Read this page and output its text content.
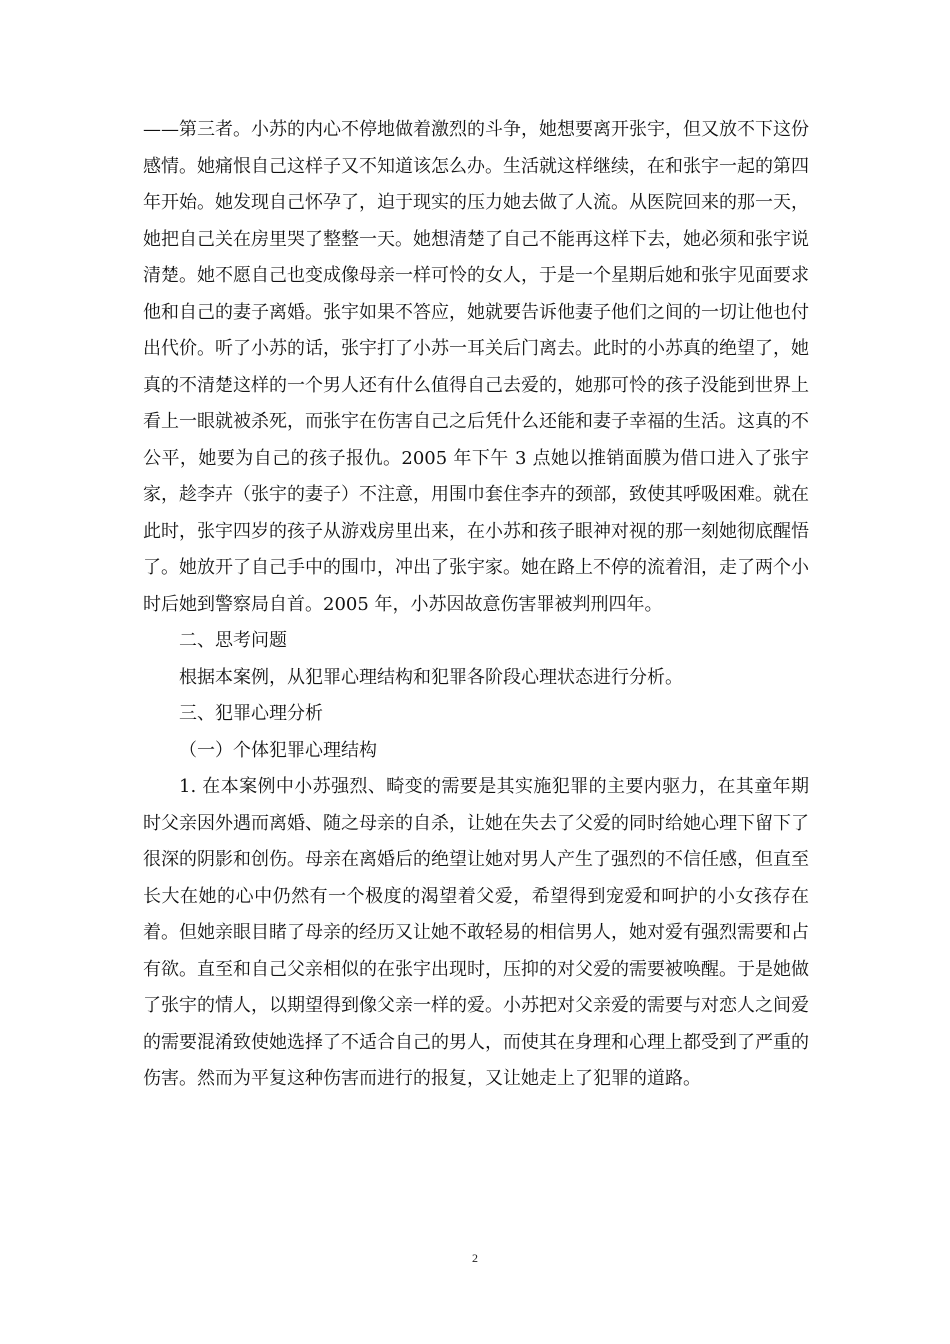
——第三者。小苏的内心不停地做着激烈的斗争，她想要离开张宇，但又放不下这份感情。她痛恨自己这样子又不知道该怎么办。生活就这样继续，在和张宇一起的第四年开始。她发现自己怀孕了，迫于现实的压力她去做了人流。从医院回来的那一天，她把自己关在房里哭了整整一天。她想清楚了自己不能再这样下去，她必须和张宇说清楚。她不愿自己也变成像母亲一样可怜的女人，于是一个星期后她和张宇见面要求他和自己的妻子离婚。张宇如果不答应，她就要告诉他妻子他们之间的一切让他也付出代价。听了小苏的话，张宇打了小苏一耳关后门离去。此时的小苏真的绝望了，她真的不清楚这样的一个男人还有什么值得自己去爱的，她那可怜的孩子没能到世界上看上一眼就被杀死，而张宇在伤害自己之后凭什么还能和妻子幸福的生活。这真的不公平，她要为自己的孩子报仇。2005 年下午 3 点她以推销面膜为借口进入了张宇家，趁李卉（张宇的妻子）不注意，用围巾套住李卉的颈部，致使其呼吸困难。就在此时，张宇四岁的孩子从游戏房里出来，在小苏和孩子眼神对视的那一刻她彻底醒悟了。她放开了自己手中的围巾，冲出了张宇家。她在路上不停的流着泪，走了两个小时后她到警察局自首。2005 年，小苏因故意伤害罪被判刑四年。

二、思考问题

根据本案例，从犯罪心理结构和犯罪各阶段心理状态进行分析。

三、犯罪心理分析

（一）个体犯罪心理结构

1. 在本案例中小苏强烈、畸变的需要是其实施犯罪的主要内驱力，在其童年期时父亲因外遇而离婚、随之母亲的自杀，让她在失去了父爱的同时给她心理下留下了很深的阴影和创伤。母亲在离婚后的绝望让她对男人产生了强烈的不信任感，但直至长大在她的心中仍然有一个极度的渴望着父爱，希望得到宠爱和呵护的小女孩存在着。但她亲眼目睹了母亲的经历又让她不敢轻易的相信男人，她对爱有强烈需要和占有欲。直至和自己父亲相似的在张宇出现时，压抑的对父爱的需要被唤醒。于是她做了张宇的情人，以期望得到像父亲一样的爱。小苏把对父亲爱的需要与对恋人之间爱的需要混淆致使她选择了不适合自己的男人，而使其在身理和心理上都受到了严重的伤害。然而为平复这种伤害而进行的报复，又让她走上了犯罪的道路。

2
